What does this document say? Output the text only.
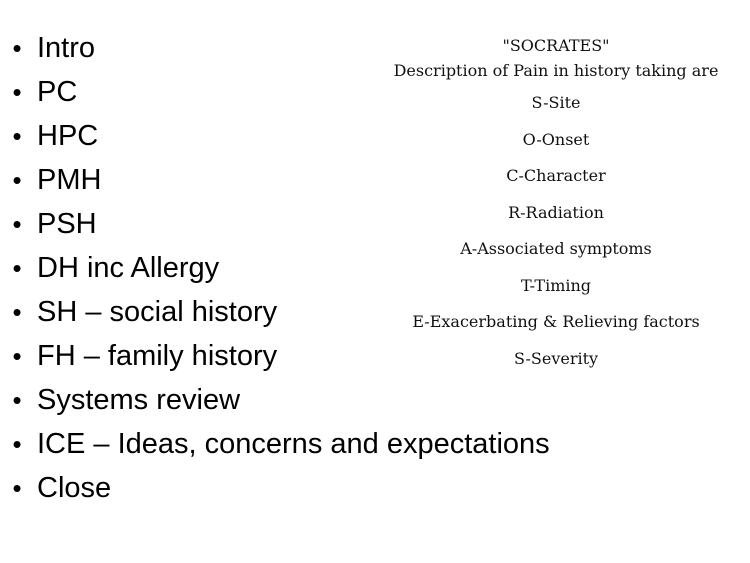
• Intro
• PC
• HPC
• PMH
• PSH
• DH inc Allergy
• SH – social history
• FH – family history
• Systems review
• ICE – Ideas, concerns and expectations
• Close
"SOCRATES"
Description of Pain in history taking are
S-Site
O-Onset
C-Character
R-Radiation
A-Associated symptoms
T-Timing
E-Exacerbating & Relieving factors
S-Severity
